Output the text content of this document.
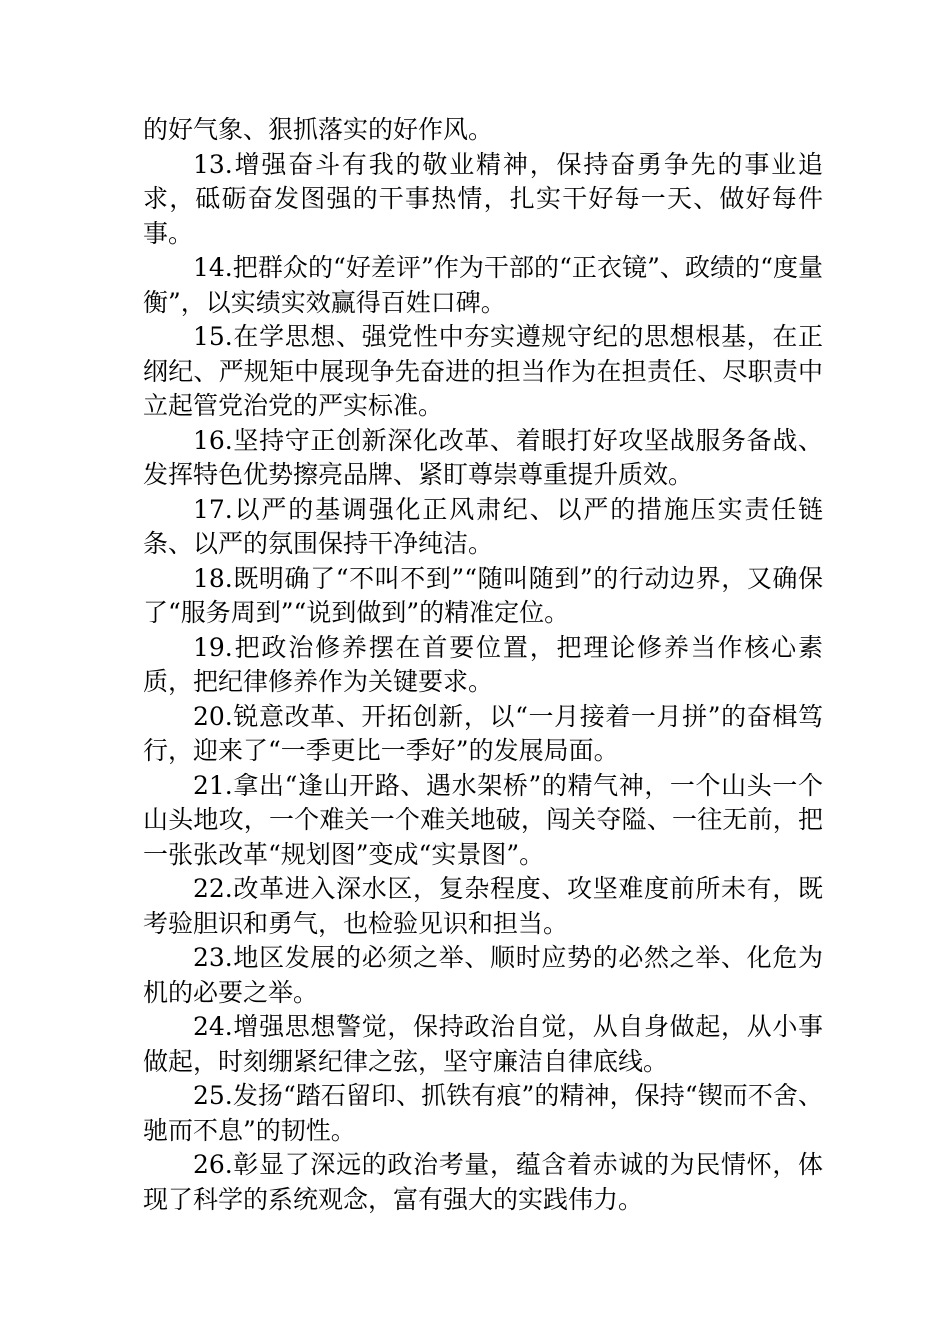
的好气象、狠抓落实的好作风。

13.增强奋斗有我的敬业精神，保持奋勇争先的事业追求，砥砺奋发图强的干事热情，扎实干好每一天、做好每件事。

14.把群众的“好差评”作为干部的“正衣镜”、政绩的“度量衡”，以实绩实效赢得百姓口碑。

15.在学思想、强党性中夯实遵规守纪的思想根基，在正纲纪、严规矩中展现争先奋进的担当作为在担责任、尽职责中立起管党治党的严实标准。

16.坚持守正创新深化改革、着眼打好攻坚战服务备战、发挥特色优势擦亮品牌、紧盯尊崇尊重提升质效。

17.以严的基调强化正风肃纪、以严的措施压实责任链条、以严的氛围保持干净纯洁。

18.既明确了“不叫不到”“随叫随到”的行动边界，又确保了“服务周到”“说到做到”的精准定位。

19.把政治修养摆在首要位置，把理论修养当作核心素质，把纪律修养作为关键要求。

20.锐意改革、开拓创新，以“一月接着一月拼”的奋楫笃行，迎来了“一季更比一季好”的发展局面。

21.拿出“逢山开路、遇水架桥”的精气神，一个山头一个山头地攻，一个难关一个难关地破，闯关夺隘、一往无前，把一张张改革“规划图”变成“实景图”。

22.改革进入深水区，复杂程度、攻坚难度前所未有，既考验胆识和勇气，也检验见识和担当。

23.地区发展的必须之举、顺时应势的必然之举、化危为机的必要之举。

24.增强思想警觉，保持政治自觉，从自身做起，从小事做起，时刻绷紧纪律之弦，坚守廉洁自律底线。

25.发扬“踏石留印、抓铁有痕”的精神，保持“锲而不舍、驰而不息”的韧性。

26.彰显了深远的政治考量，蕴含着赤诚的为民情怀，体现了科学的系统观念，富有强大的实践伟力。
